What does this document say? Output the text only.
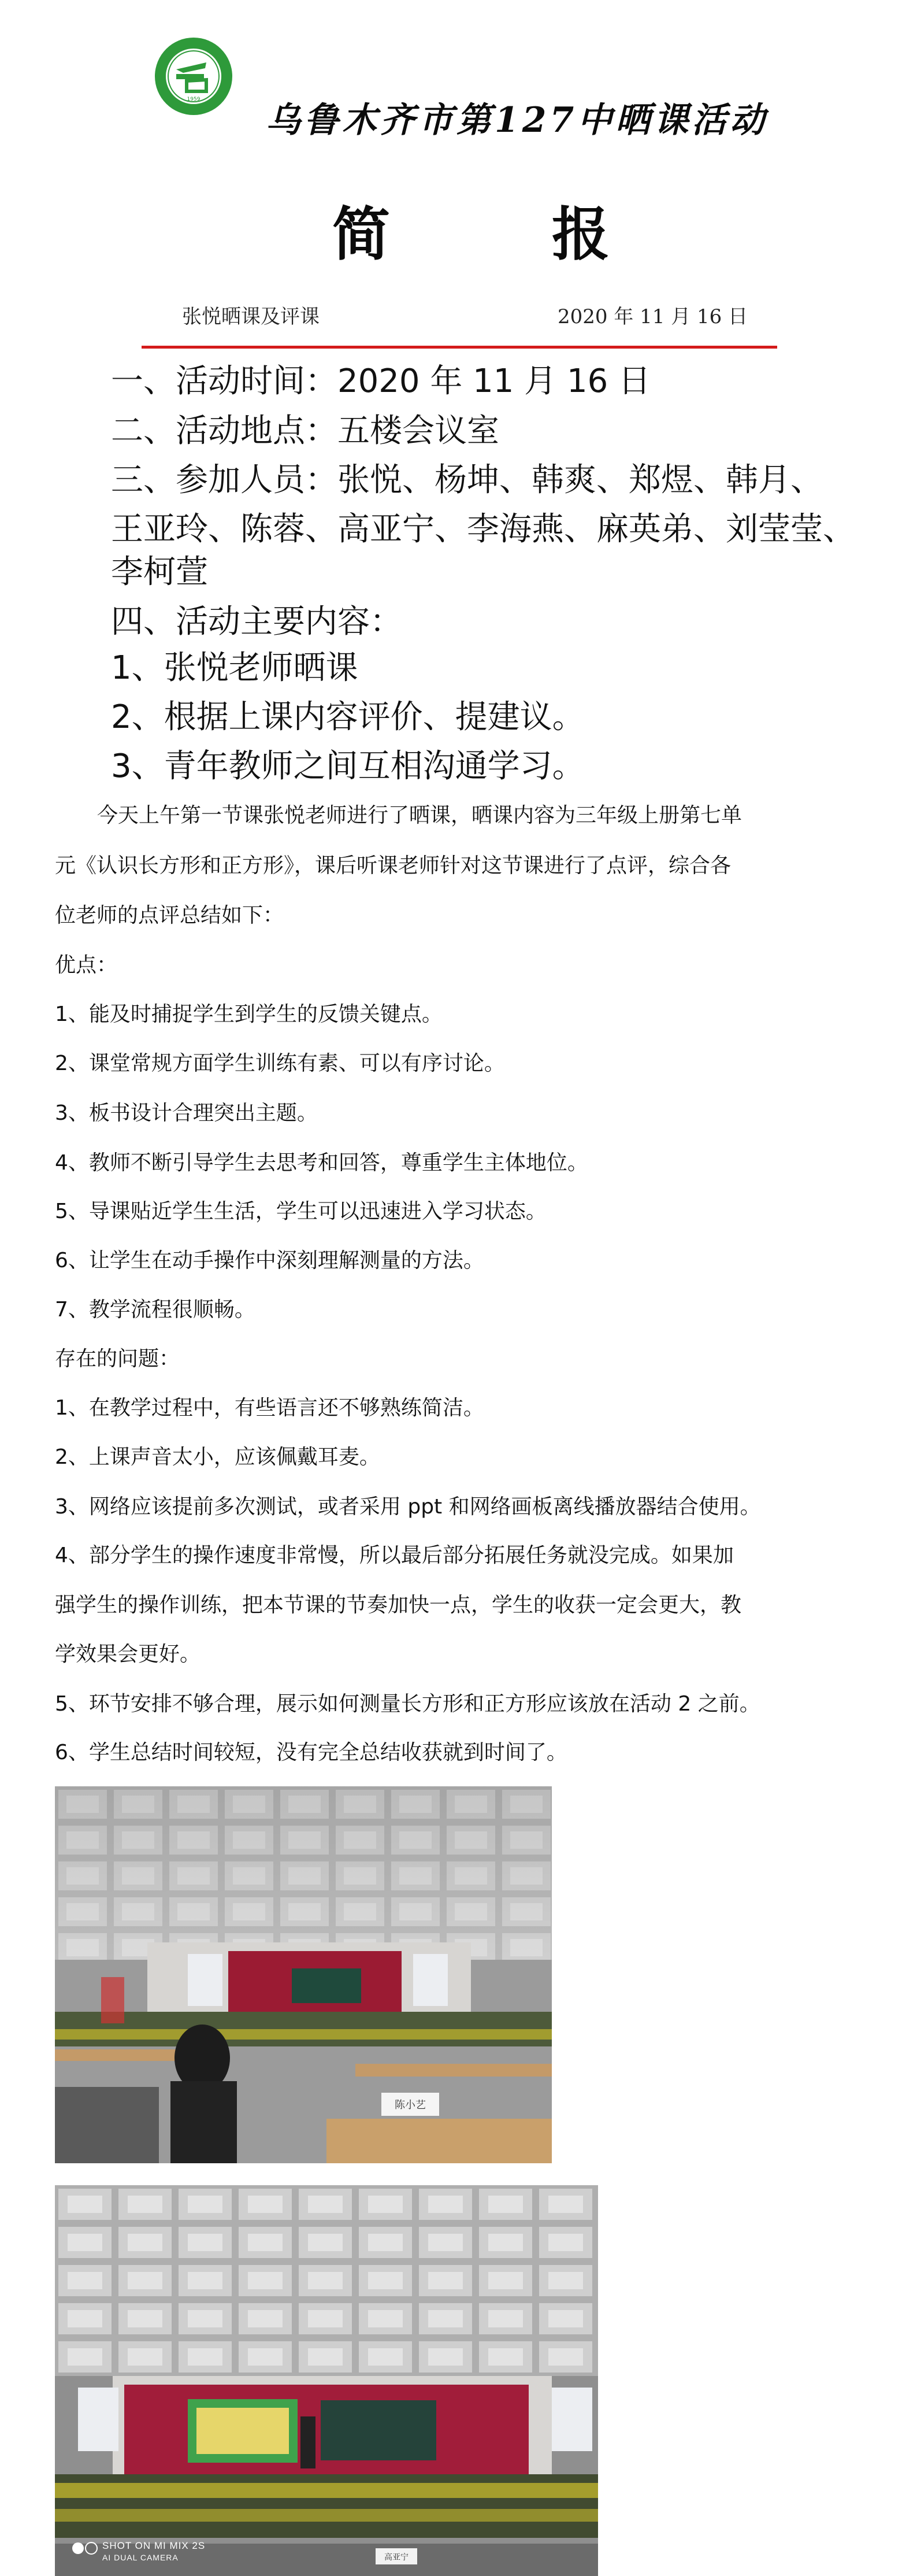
1959
乌鲁木齐市第127中晒课活动
简	报
张悦晒课及评课	2020 年 11 月 16 日
一、活动时间：2020 年 11 月 16 日
二、活动地点：五楼会议室
三、参加人员：张悦、杨坤、韩爽、郑煜、韩月、
王亚玲、陈蓉、高亚宁、李海燕、麻英弟、刘莹莹、
李柯萱
四、活动主要内容：
1、张悦老师晒课
2、根据上课内容评价、提建议。
3、青年教师之间互相沟通学习。
今天上午第一节课张悦老师进行了晒课，晒课内容为三年级上册第七单
元《认识长方形和正方形》，课后听课老师针对这节课进行了点评，综合各
位老师的点评总结如下：
优点：
1、能及时捕捉学生到学生的反馈关键点。
2、课堂常规方面学生训练有素、可以有序讨论。
3、板书设计合理突出主题。
4、教师不断引导学生去思考和回答，尊重学生主体地位。
5、导课贴近学生生活，学生可以迅速进入学习状态。
6、让学生在动手操作中深刻理解测量的方法。
7、教学流程很顺畅。
存在的问题：
1、在教学过程中，有些语言还不够熟练简洁。
2、上课声音太小，应该佩戴耳麦。
3、网络应该提前多次测试，或者采用 ppt 和网络画板离线播放器结合使用。
4、部分学生的操作速度非常慢，所以最后部分拓展任务就没完成。如果加
强学生的操作训练，把本节课的节奏加快一点，学生的收获一定会更大，教
学效果会更好。
5、环节安排不够合理，展示如何测量长方形和正方形应该放在活动 2 之前。
6、学生总结时间较短，没有完全总结收获就到时间了。
陈小艺
高亚宁
SHOT ON MI MIX 2S
AI DUAL CAMERA
